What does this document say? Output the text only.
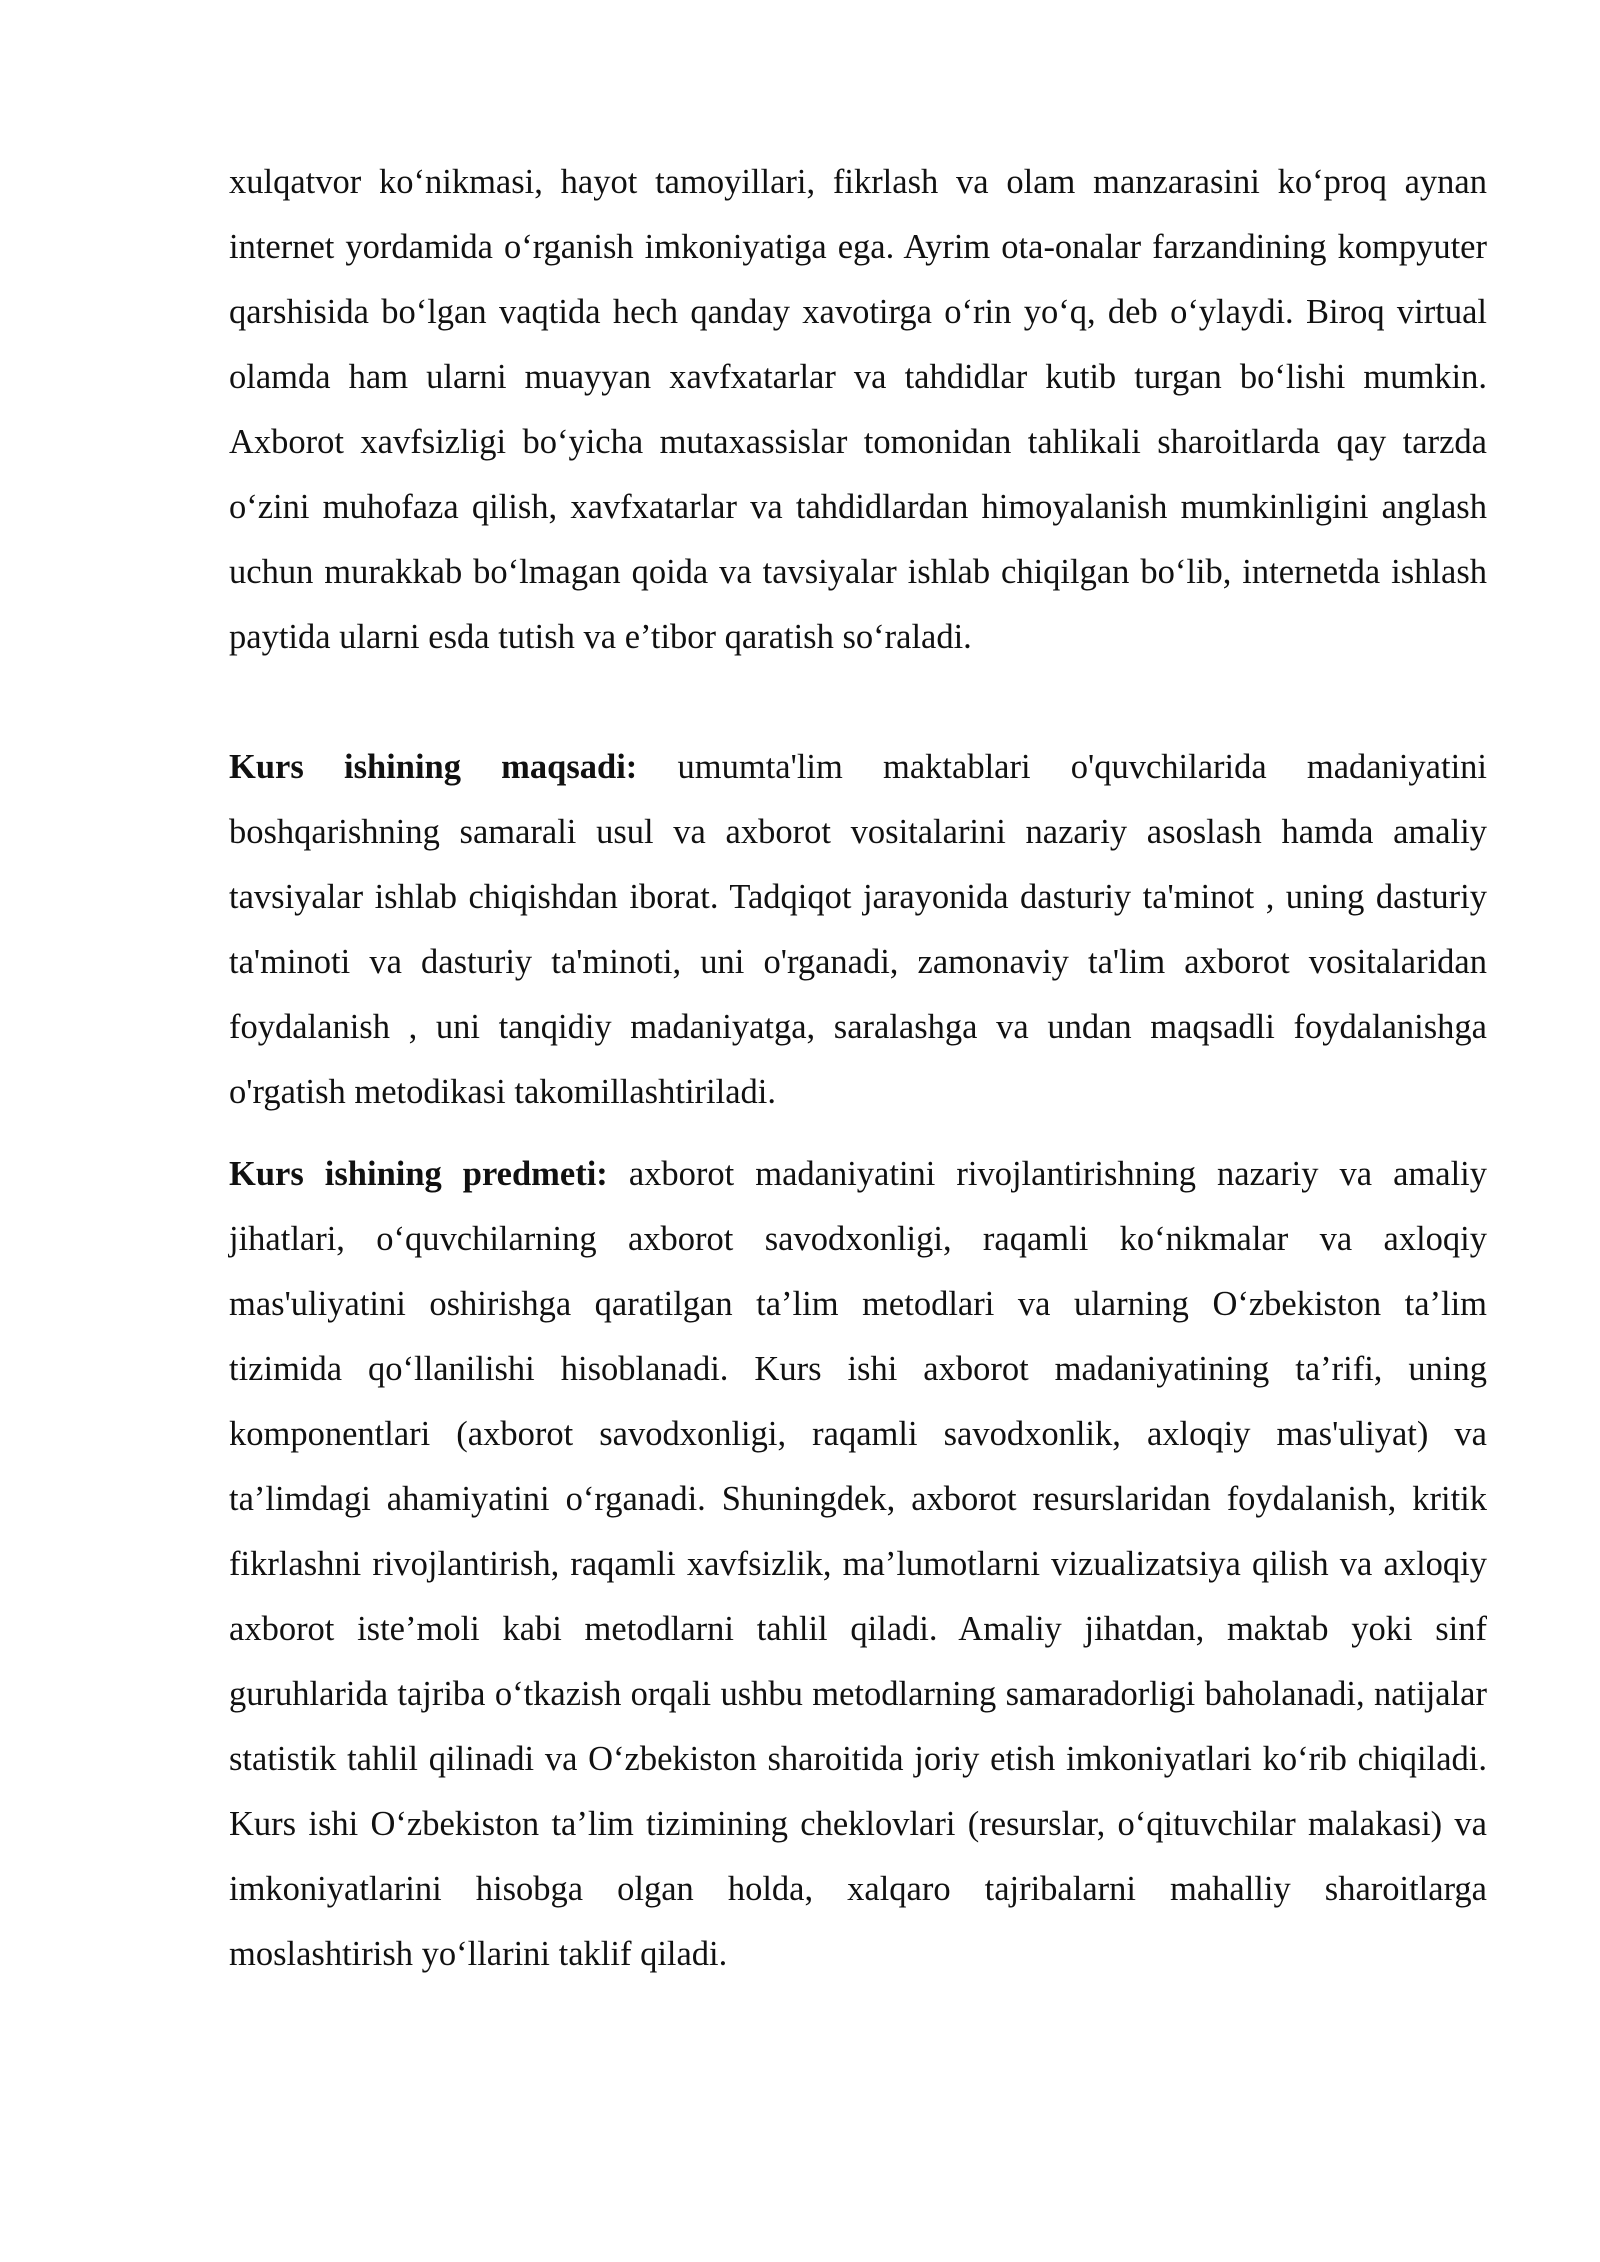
xulqatvor ko‘nikmasi, hayot tamoyillari, fikrlash va olam manzarasini ko‘proq aynan internet yordamida o‘rganish imkoniyatiga ega. Ayrim ota-onalar farzandining kompyuter qarshisida bo‘lgan vaqtida hech qanday xavotirga o‘rin yo‘q, deb o‘ylaydi. Biroq virtual olamda ham ularni muayyan xavfxatarlar va tahdidlar kutib turgan bo‘lishi mumkin. Axborot xavfsizligi bo‘yicha mutaxassislar tomonidan tahlikali sharoitlarda qay tarzda o‘zini muhofaza qilish, xavfxatarlar va tahdidlardan himoyalanish mumkinligini anglash uchun murakkab bo‘lmagan qoida va tavsiyalar ishlab chiqilgan bo‘lib, internetda ishlash paytida ularni esda tutish va e’tibor qaratish so‘raladi.

Kurs ishining maqsadi: umumta'lim maktablari o'quvchilarida madaniyatini boshqarishning samarali usul va axborot vositalarini nazariy asoslash hamda amaliy tavsiyalar ishlab chiqishdan iborat. Tadqiqot jarayonida dasturiy ta'minot , uning dasturiy ta'minoti va dasturiy ta'minoti, uni o'rganadi, zamonaviy ta'lim axborot vositalaridan foydalanish , uni tanqidiy madaniyatga, saralashga va undan maqsadli foydalanishga o'rgatish metodikasi takomillashtiriladi.

Kurs ishining predmeti: axborot madaniyatini rivojlantirishning nazariy va amaliy jihatlari, o‘quvchilarning axborot savodxonligi, raqamli ko‘nikmalar va axloqiy mas'uliyatini oshirishga qaratilgan ta’lim metodlari va ularning O‘zbekiston ta’lim tizimida qo‘llanilishi hisoblanadi. Kurs ishi axborot madaniyatining ta’rifi, uning komponentlari (axborot savodxonligi, raqamli savodxonlik, axloqiy mas'uliyat) va ta’limdagi ahamiyatini o‘rganadi. Shuningdek, axborot resurslaridan foydalanish, kritik fikrlashni rivojlantirish, raqamli xavfsizlik, ma’lumotlarni vizualizatsiya qilish va axloqiy axborot iste’moli kabi metodlarni tahlil qiladi. Amaliy jihatdan, maktab yoki sinf guruhlarida tajriba o‘tkazish orqali ushbu metodlarning samaradorligi baholanadi, natijalar statistik tahlil qilinadi va O‘zbekiston sharoitida joriy etish imkoniyatlari ko‘rib chiqiladi. Kurs ishi O‘zbekiston ta’lim tizimining cheklovlari (resurslar, o‘qituvchilar malakasi) va imkoniyatlarini hisobga olgan holda, xalqaro tajribalarni mahalliy sharoitlarga moslashtirish yo‘llarini taklif qiladi.
